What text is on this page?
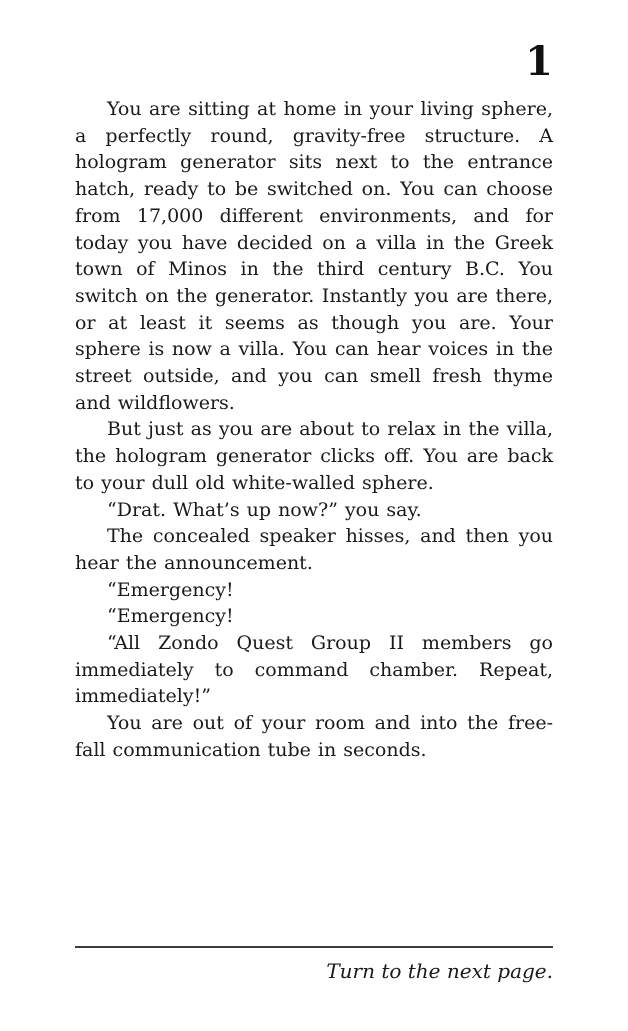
1

You are sitting at home in your living sphere, a perfectly round, gravity-free structure. A hologram generator sits next to the entrance hatch, ready to be switched on. You can choose from 17,000 different environments, and for today you have decided on a villa in the Greek town of Minos in the third century B.C. You switch on the generator. Instantly you are there, or at least it seems as though you are. Your sphere is now a villa. You can hear voices in the street outside, and you can smell fresh thyme and wildflowers.

But just as you are about to relax in the villa, the hologram generator clicks off. You are back to your dull old white-walled sphere.

“Drat. What’s up now?” you say.

The concealed speaker hisses, and then you hear the announcement.

“Emergency!

“Emergency!

“All Zondo Quest Group II members go immediately to command chamber. Repeat, immediately!”

You are out of your room and into the free-fall communication tube in seconds.

Turn to the next page.
